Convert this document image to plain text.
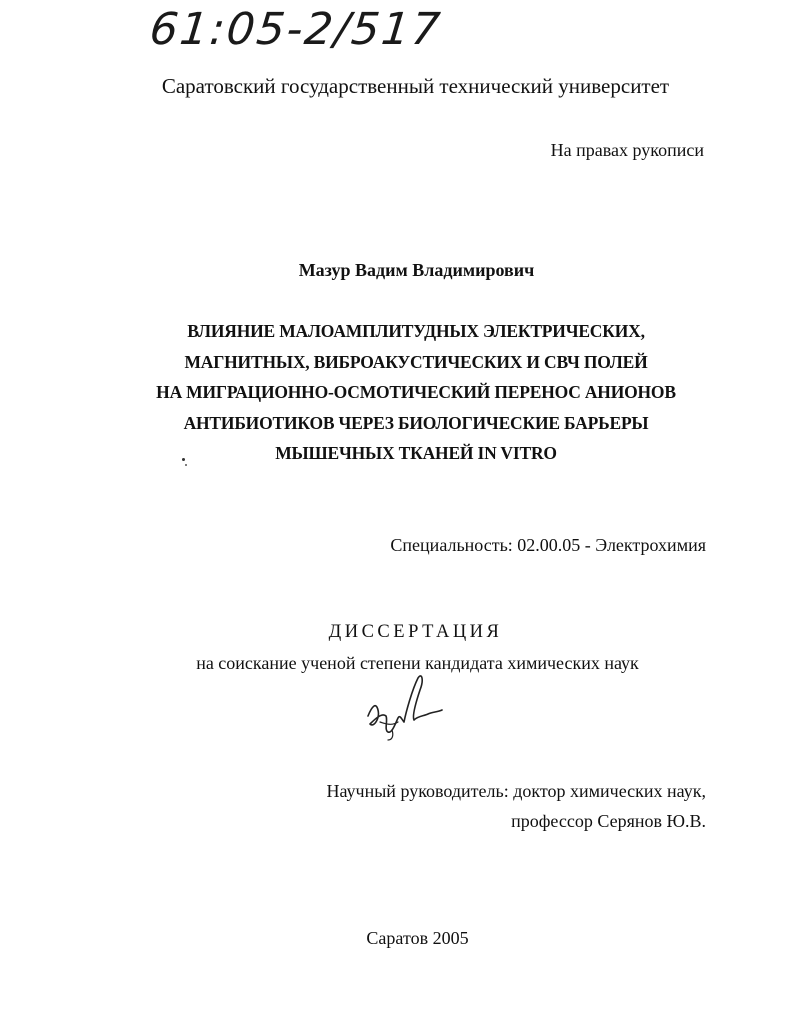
61:05-2/517
Саратовский государственный технический университет
На правах рукописи
Мазур Вадим Владимирович
ВЛИЯНИЕ МАЛОАМПЛИТУДНЫХ ЭЛЕКТРИЧЕСКИХ,
МАГНИТНЫХ, ВИБРОАКУСТИЧЕСКИХ И СВЧ ПОЛЕЙ
НА МИГРАЦИОННО-ОСМОТИЧЕСКИЙ ПЕРЕНОС АНИОНОВ
АНТИБИОТИКОВ ЧЕРЕЗ БИОЛОГИЧЕСКИЕ БАРЬЕРЫ
МЫШЕЧНЫХ ТКАНЕЙ IN VITRO
Специальность: 02.00.05 - Электрохимия
ДИССЕРТАЦИЯ
на соискание ученой степени кандидата химических наук
Научный руководитель: доктор химических наук,
профессор Серянов Ю.В.
Саратов 2005
